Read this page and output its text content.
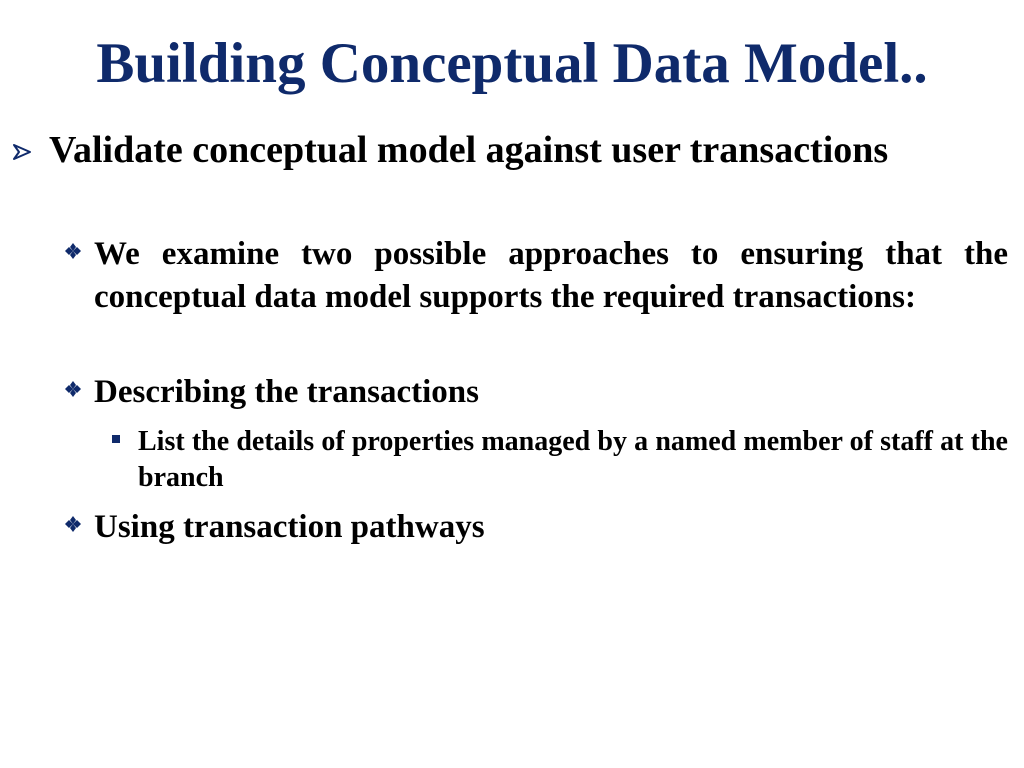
Building Conceptual Data Model..
Validate conceptual model against user transactions
We examine two possible approaches to ensuring that the conceptual data model supports the required transactions:
Describing the transactions
List the details of properties managed by a named member of staff at the branch
Using transaction pathways
